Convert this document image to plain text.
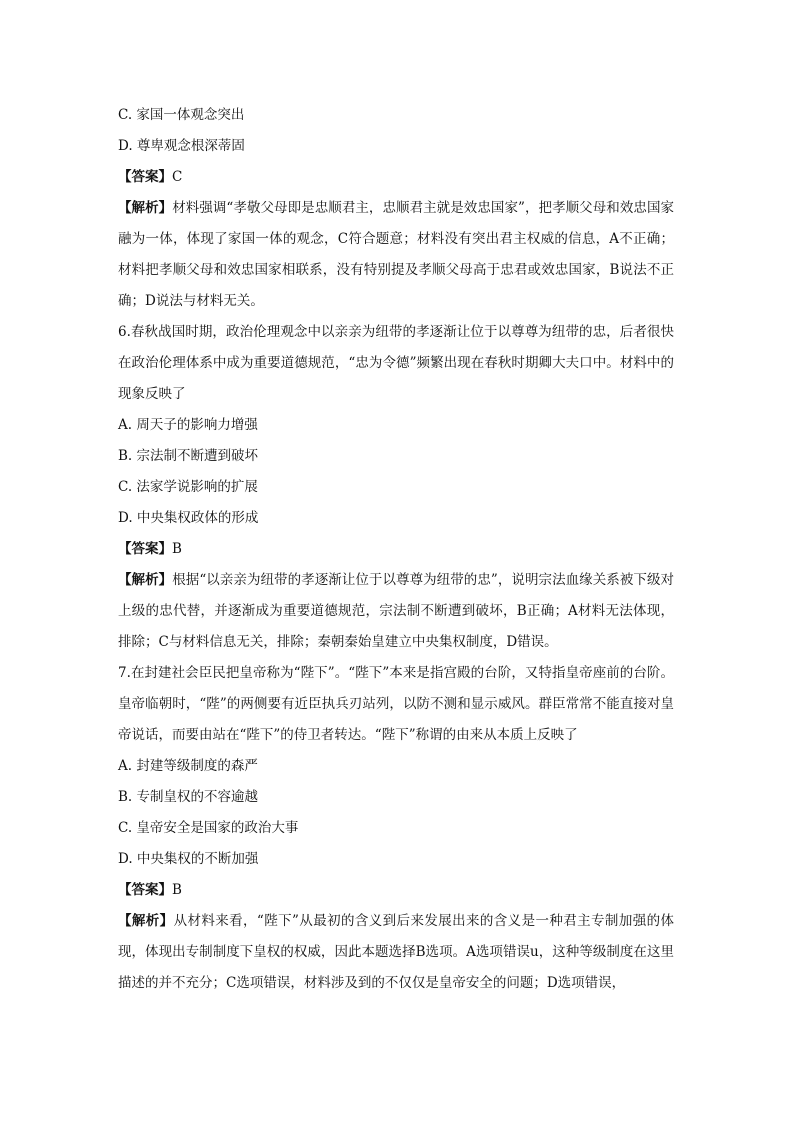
C. 家国一体观念突出
D. 尊卑观念根深蒂固
【答案】C
【解析】材料强调“孝敬父母即是忠顺君主，忠顺君主就是效忠国家”，把孝顺父母和效忠国家融为一体，体现了家国一体的观念，C符合题意；材料没有突出君主权威的信息，A不正确；材料把孝顺父母和效忠国家相联系，没有特别提及孝顺父母高于忠君或效忠国家，B说法不正确；D说法与材料无关。
6.春秋战国时期，政治伦理观念中以亲亲为纽带的孝逐渐让位于以尊尊为纽带的忠，后者很快在政治伦理体系中成为重要道德规范，“忠为令德”频繁出现在春秋时期卿大夫口中。材料中的现象反映了
A. 周天子的影响力增强
B. 宗法制不断遭到破坏
C. 法家学说影响的扩展
D. 中央集权政体的形成
【答案】B
【解析】根据“以亲亲为纽带的孝逐渐让位于以尊尊为纽带的忠”，说明宗法血缘关系被下级对上级的忠代替，并逐渐成为重要道德规范，宗法制不断遭到破坏，B正确；A材料无法体现，排除；C与材料信息无关，排除；秦朝秦始皇建立中央集权制度，D错误。
7.在封建社会臣民把皇帝称为“陛下”。“陛下”本来是指宫殿的台阶，又特指皇帝座前的台阶。皇帝临朝时，“陛”的两侧要有近臣执兵刃站列，以防不测和显示威风。群臣常常不能直接对皇帝说话，而要由站在“陛下”的侍卫者转达。“陛下”称谓的由来从本质上反映了
A. 封建等级制度的森严
B. 专制皇权的不容逾越
C. 皇帝安全是国家的政治大事
D. 中央集权的不断加强
【答案】B
【解析】从材料来看，“陛下”从最初的含义到后来发展出来的含义是一种君主专制加强的体现，体现出专制制度下皇权的权威，因此本题选择B选项。A选项错误u，这种等级制度在这里描述的并不充分；C选项错误，材料涉及到的不仅仅是皇帝安全的问题；D选项错误，
